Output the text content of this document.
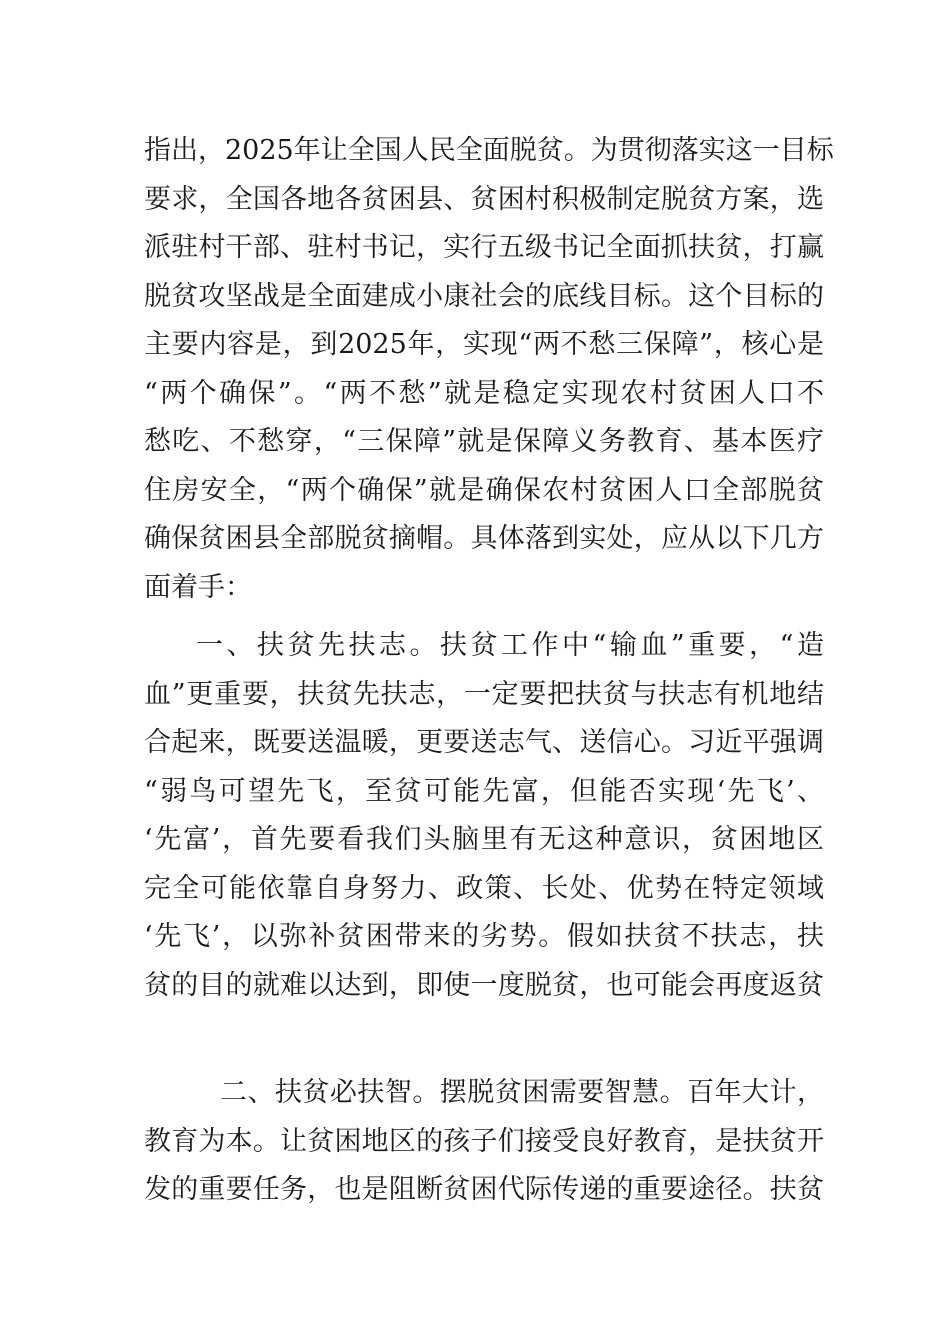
指出，2025年让全国人民全面脱贫。为贯彻落实这一目标
要求，全国各地各贫困县、贫困村积极制定脱贫方案，选
派驻村干部、驻村书记，实行五级书记全面抓扶贫，打赢
脱贫攻坚战是全面建成小康社会的底线目标。这个目标的
主要内容是，到2025年，实现“两不愁三保障”，核心是
“两个确保”。“两不愁”就是稳定实现农村贫困人口不
愁吃、不愁穿，“三保障”就是保障义务教育、基本医疗
住房安全，“两个确保”就是确保农村贫困人口全部脱贫
确保贫困县全部脱贫摘帽。具体落到实处，应从以下几方
面着手：
一、扶贫先扶志。扶贫工作中“输血”重要，“造
血”更重要，扶贫先扶志，一定要把扶贫与扶志有机地结
合起来，既要送温暖，更要送志气、送信心。习近平强调
“弱鸟可望先飞，至贫可能先富，但能否实现‘先飞’、
‘先富’，首先要看我们头脑里有无这种意识，贫困地区
完全可能依靠自身努力、政策、长处、优势在特定领域
‘先飞’，以弥补贫困带来的劣势。假如扶贫不扶志，扶
贫的目的就难以达到，即使一度脱贫，也可能会再度返贫
二、扶贫必扶智。摆脱贫困需要智慧。百年大计，
教育为本。让贫困地区的孩子们接受良好教育，是扶贫开
发的重要任务，也是阻断贫困代际传递的重要途径。扶贫
